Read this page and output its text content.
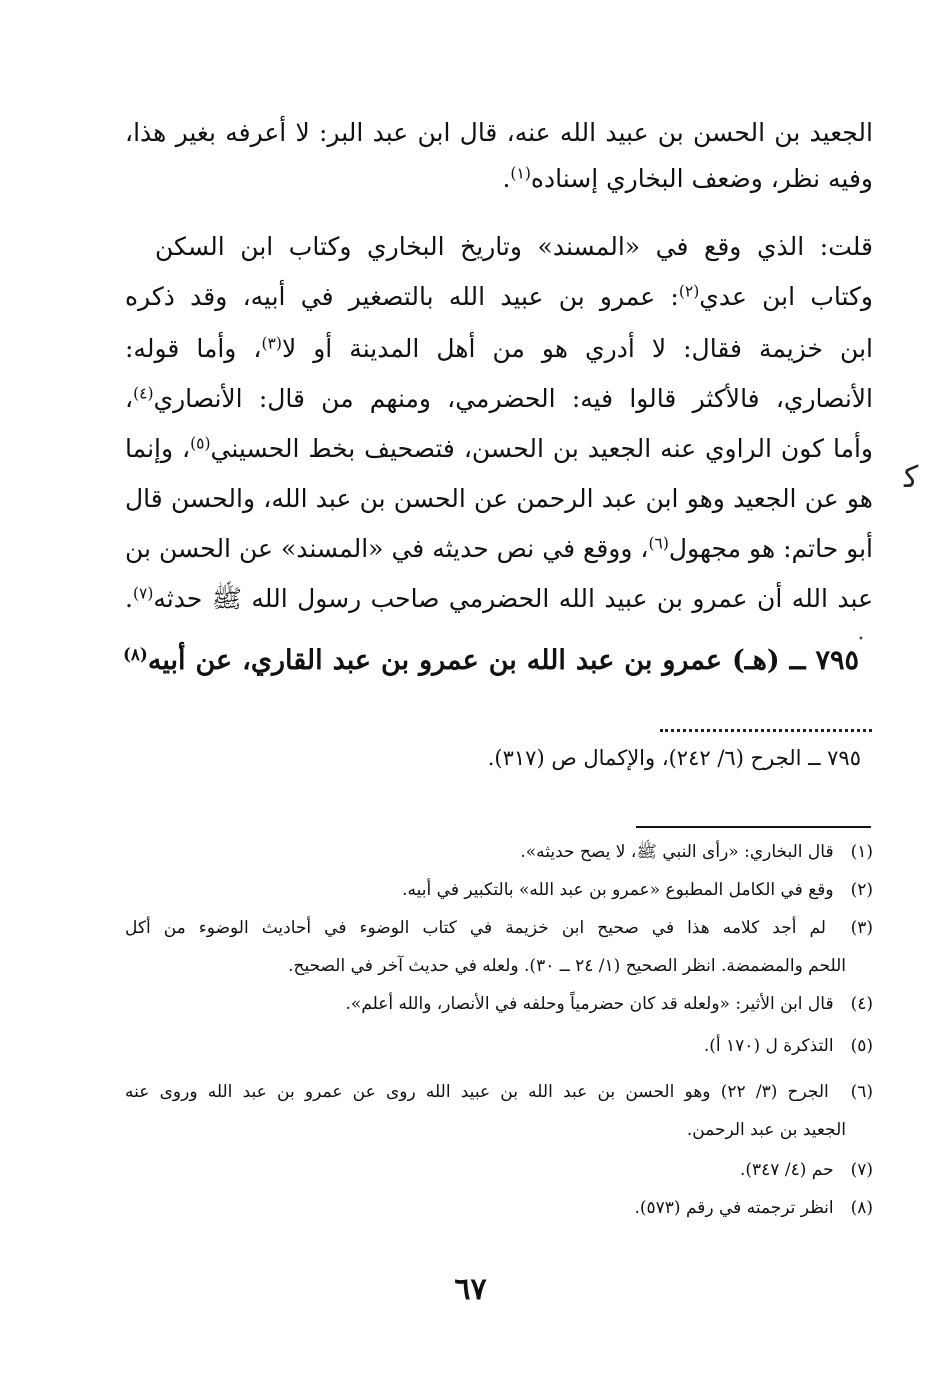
الجعيد بن الحسن بن عبيد الله عنه، قال ابن عبد البر: لا أعرفه بغير هذا،
وفيه نظر، وضعف البخاري إسناده$^{(١)}$.
قلت: الذي وقع في «المسند» وتاريخ البخاري وكتاب ابن السكن
وكتاب ابن عدي$^{(٢)}$: عمرو بن عبيد الله بالتصغير في أبيه، وقد ذكره
ابن خزيمة فقال: لا أدري هو من أهل المدينة أو لا$^{(٣)}$، وأما قوله:
الأنصاري، فالأكثر قالوا فيه: الحضرمي، ومنهم من قال: الأنصاري$^{(٤)}$،
وأما كون الراوي عنه الجعيد بن الحسن، فتصحيف بخط الحسيني$^{(٥)}$، وإنما
هو عن الجعيد وهو ابن عبد الرحمن عن الحسن بن عبد الله، والحسن قال
أبو حاتم: هو مجهول$^{(٦)}$، ووقع في نص حديثه في «المسند» عن الحسن بن
عبد الله أن عمرو بن عبيد الله الحضرمي صاحب رسول الله ﷺ حدثه$^{(٧)}$.
٧٩٥ ــ (هـ) عمرو بن عبد الله بن عمرو بن عبد القاري، عن أبيه$^{(٨)}$
٧٩٥ ــ الجرح (٦/ ٢٤٢)، والإكمال ص (٣١٧).
(١) قال البخاري: «رأى النبي ﷺ، لا يصح حديثه».
(٢) وقع في الكامل المطبوع «عمرو بن عبد الله» بالتكبير في أبيه.
(٣) لم أجد كلامه هذا في صحيح ابن خزيمة في كتاب الوضوء في أحاديث الوضوء من أكل
اللحم والمضمضة. انظر الصحيح (١/ ٢٤ ــ ٣٠). ولعله في حديث آخر في الصحيح.
(٤) قال ابن الأثير: «ولعله قد كان حضرمياً وحلفه في الأنصار، والله أعلم».
(٥) التذكرة ل (١٧٠ أ).
٦٧
ﮐ
•
(٦) الجرح (٣/ ٢٢) وهو الحسن بن عبد الله بن عبيد الله روى عن عمرو بن عبد الله وروى عنه
الجعيد بن عبد الرحمن.
(٧) حم (٤/ ٣٤٧).
(٨) انظر ترجمته في رقم (٥٧٣).
